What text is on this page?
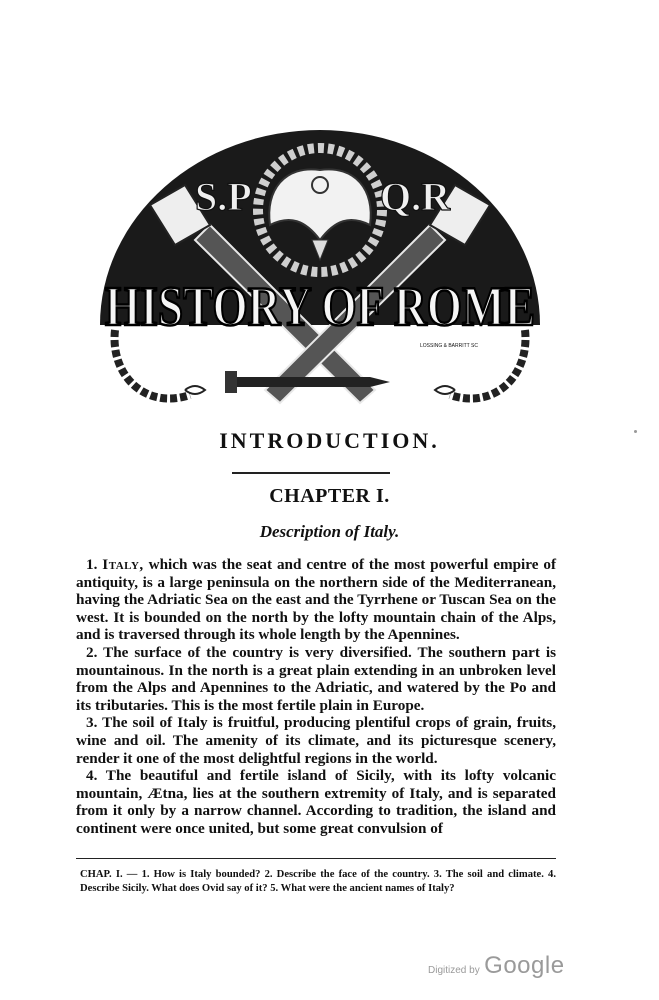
S.P	Q.R
HISTORY OF ROME
LOSSING & BARRITT SC
INTRODUCTION.
CHAPTER I.
Description of Italy.

1. Italy, which was the seat and centre of the most powerful empire of antiquity, is a large peninsula on the northern side of the Mediterranean, having the Adriatic Sea on the east and the Tyrrhene or Tuscan Sea on the west. It is bounded on the north by the lofty mountain chain of the Alps, and is traversed through its whole length by the Apennines.

2. The surface of the country is very diversified. The southern part is mountainous. In the north is a great plain extending in an unbroken level from the Alps and Apennines to the Adriatic, and watered by the Po and its tributaries. This is the most fertile plain in Europe.

3. The soil of Italy is fruitful, producing plentiful crops of grain, fruits, wine and oil. The amenity of its climate, and its picturesque scenery, render it one of the most delightful regions in the world.

4. The beautiful and fertile island of Sicily, with its lofty volcanic mountain, Ætna, lies at the southern extremity of Italy, and is separated from it only by a narrow channel. According to tradition, the island and continent were once united, but some great convulsion of

CHAP. I. — 1. How is Italy bounded? 2. Describe the face of the country. 3. The soil and climate. 4. Describe Sicily. What does Ovid say of it? 5. What were the ancient names of Italy?
Digitized by Google
